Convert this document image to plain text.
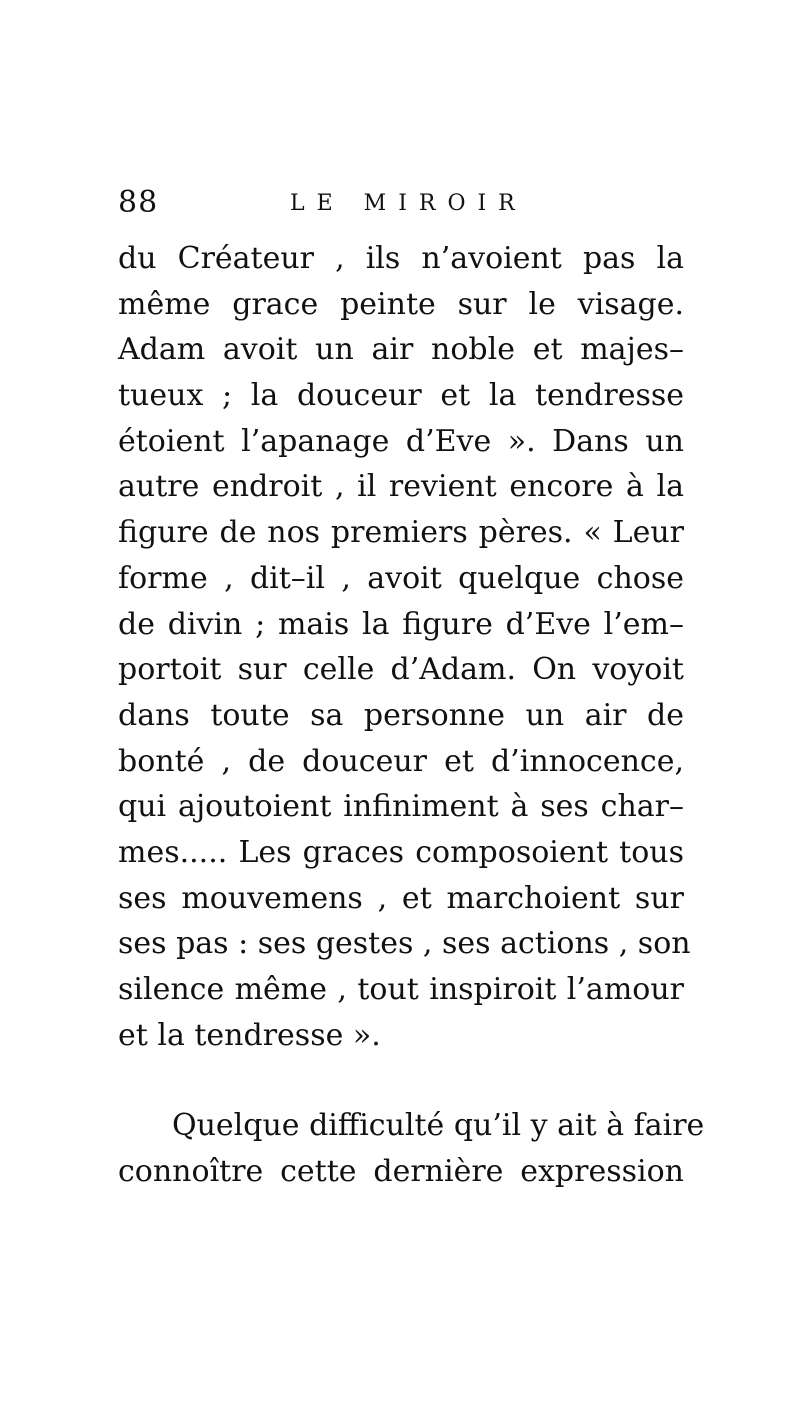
88	LE MIROIR
du Créateur , ils n’avoient pas la
même grace peinte sur le visage.
Adam avoit un air noble et majes–
tueux ; la douceur et la tendresse
étoient l’apanage d’Eve ». Dans un
autre endroit , il revient encore à la
figure de nos premiers pères. « Leur
forme , dit–il , avoit quelque chose
de divin ; mais la figure d’Eve l’em–
portoit sur celle d’Adam. On voyoit
dans toute sa personne un air de
bonté , de douceur et d’innocence,
qui ajoutoient infiniment à ses char–
mes..... Les graces composoient tous
ses mouvemens , et marchoient sur
ses pas : ses gestes , ses actions , son
silence même , tout inspiroit l’amour
et la tendresse ».
Quelque difficulté qu’il y ait à faire
connoître cette dernière expression
